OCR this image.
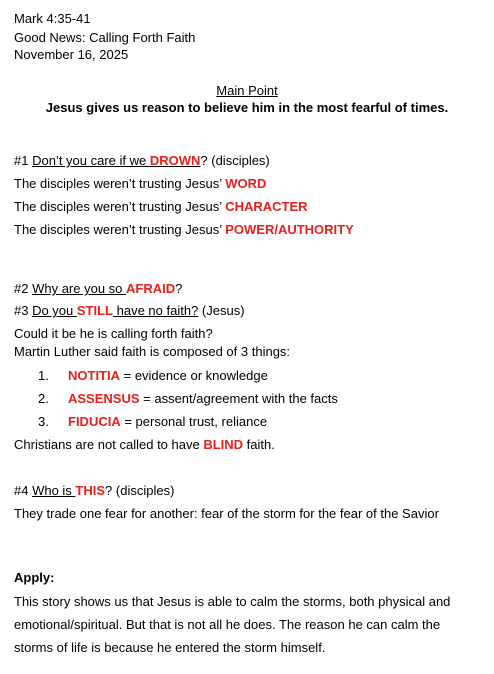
Mark 4:35-41
Good News: Calling Forth Faith
November 16, 2025
Main Point
Jesus gives us reason to believe him in the most fearful of times.
#1 Don’t you care if we DROWN? (disciples)
The disciples weren’t trusting Jesus’ WORD
The disciples weren’t trusting Jesus’ CHARACTER
The disciples weren’t trusting Jesus’ POWER/AUTHORITY
#2 Why are you so AFRAID?
#3 Do you STILL have no faith? (Jesus)
Could it be he is calling forth faith?
Martin Luther said faith is composed of 3 things:
1. NOTITIA = evidence or knowledge
2. ASSENSUS = assent/agreement with the facts
3. FIDUCIA = personal trust, reliance
Christians are not called to have BLIND faith.
#4 Who is THIS? (disciples)
They trade one fear for another: fear of the storm for the fear of the Savior
Apply:
This story shows us that Jesus is able to calm the storms, both physical and
emotional/spiritual. But that is not all he does. The reason he can calm the
storms of life is because he entered the storm himself.
